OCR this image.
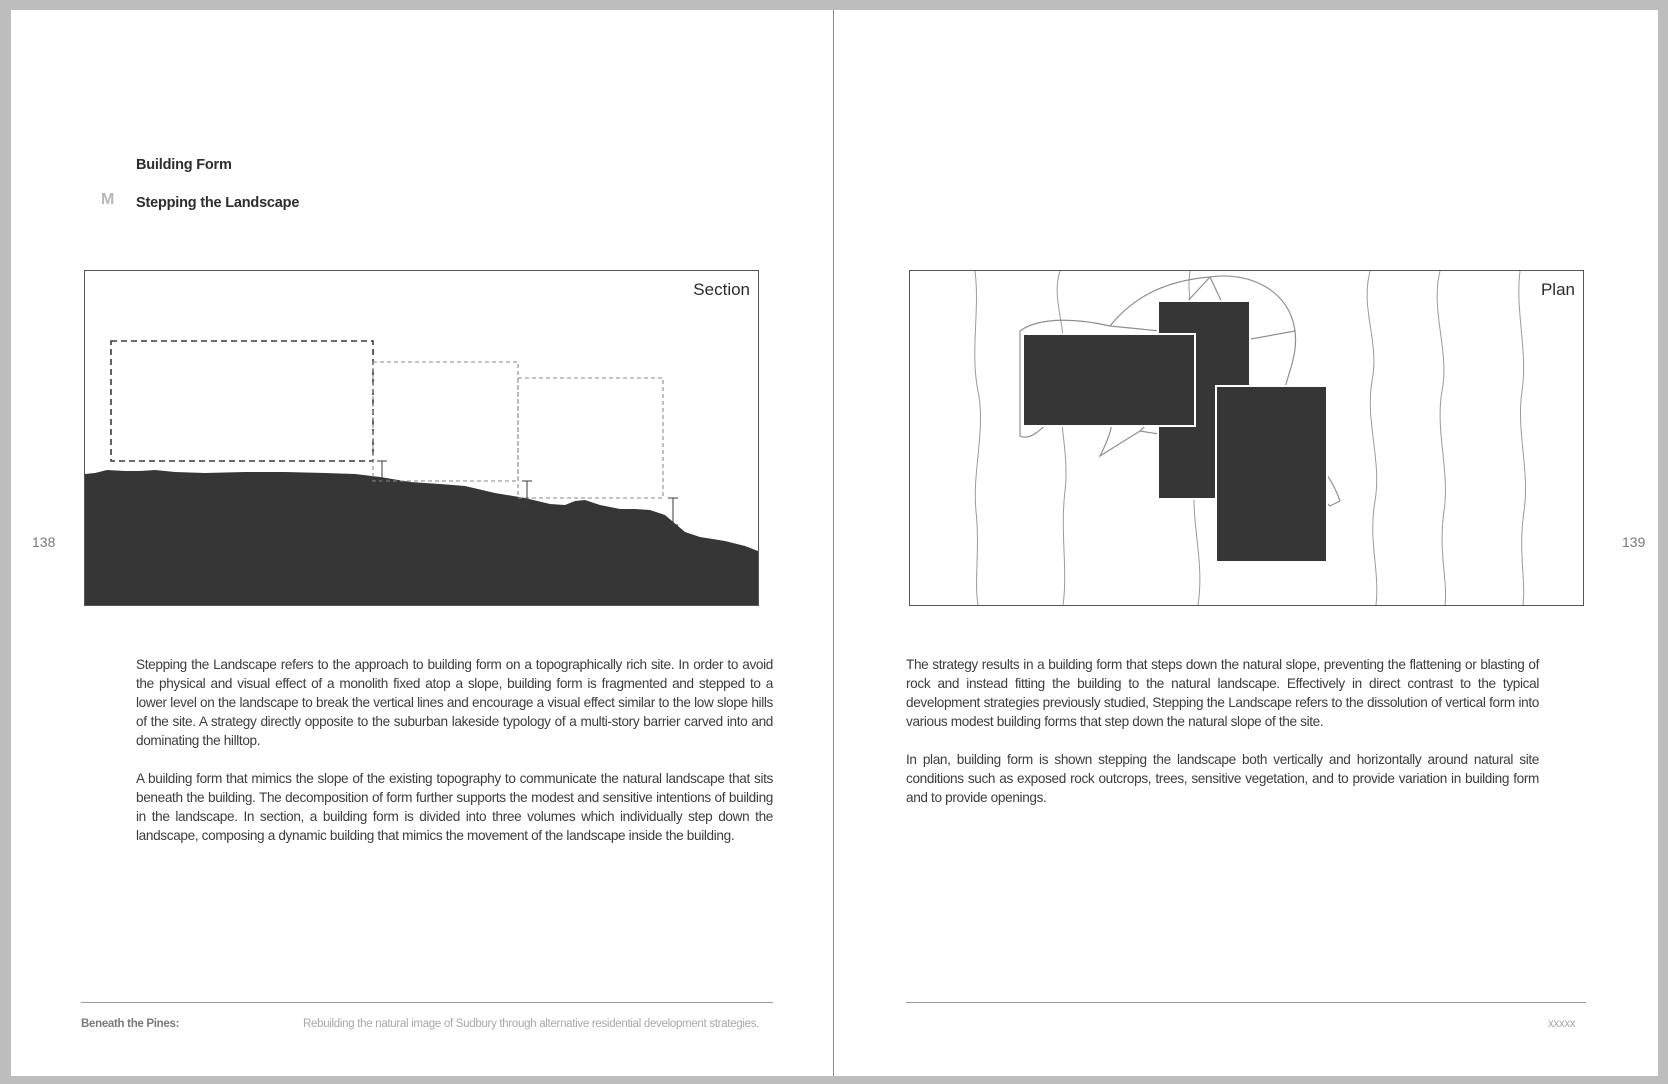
Building Form
M Stepping the Landscape
138
Section

Stepping the Landscape refers to the approach to building form on a topographically rich site. In order to avoid the physical and visual effect of a monolith fixed atop a slope, building form is fragmented and stepped to a lower level on the landscape to break the vertical lines and encourage a visual effect similar to the low slope hills of the site. A strategy directly opposite to the suburban lakeside typology of a multi-story barrier carved into and dominating the hilltop.

A building form that mimics the slope of the existing topography to communicate the natural landscape that sits beneath the building. The decomposition of form further supports the modest and sensitive intentions of building in the landscape. In section, a building form is divided into three volumes which individually step down the landscape, composing a dynamic building that mimics the movement of the landscape inside the building.

Beneath the Pines:	Rebuilding the natural image of Sudbury through alternative residential development strategies.
Plan
139

The strategy results in a building form that steps down the natural slope, preventing the flattening or blasting of rock and instead fitting the building to the natural landscape. Effectively in direct contrast to the typical development strategies previously studied, Stepping the Landscape refers to the dissolution of vertical form into various modest building forms that step down the natural slope of the site.

In plan, building form is shown stepping the landscape both vertically and horizontally around natural site conditions such as exposed rock outcrops, trees, sensitive vegetation, and to provide variation in building form and to provide openings.

xxxxx
